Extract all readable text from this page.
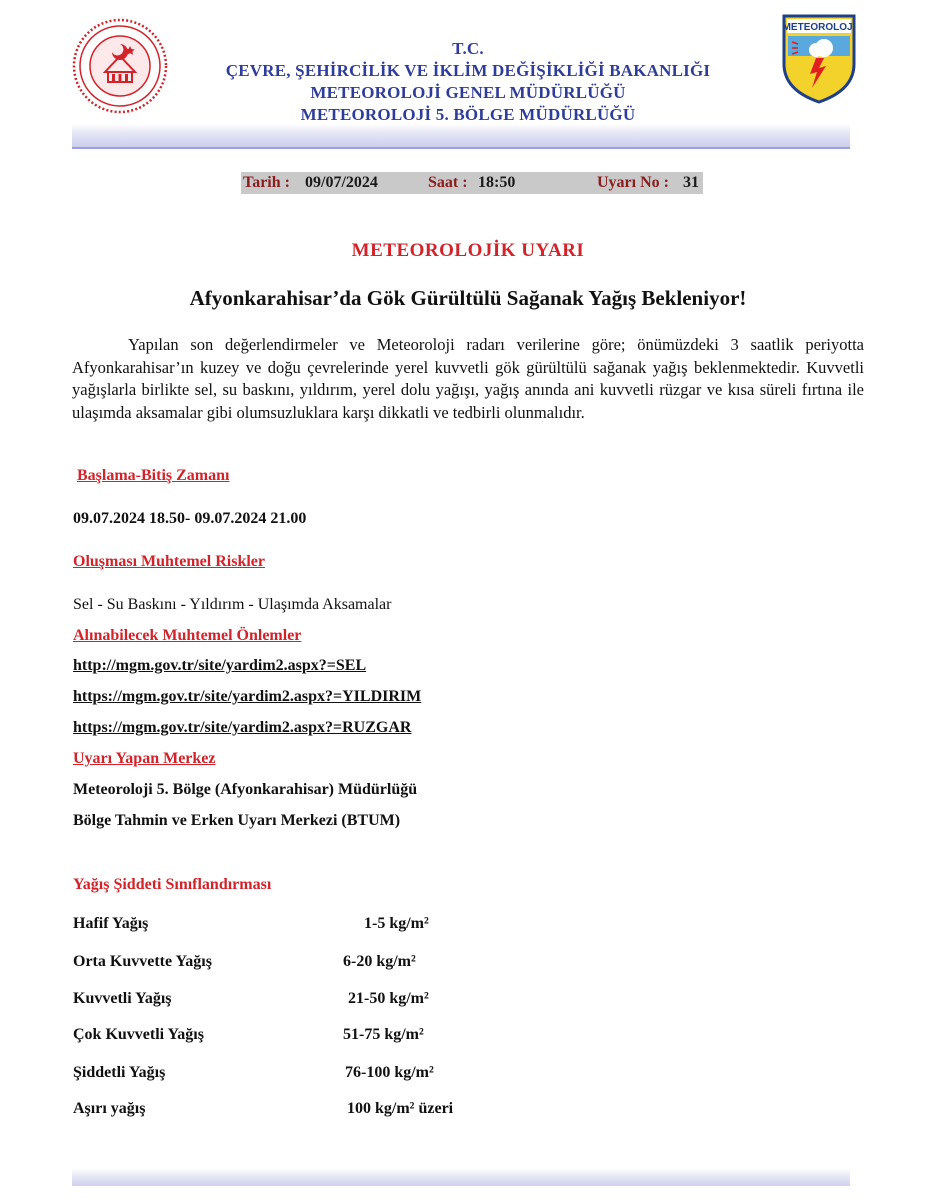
T.C.
ÇEVRE, ŞEHİRCİLİK VE İKLİM DEĞİŞİKLİĞİ BAKANLIĞI
METEOROLOJİ GENEL MÜDÜRLÜĞÜ
METEOROLOJİ 5. BÖLGE MÜDÜRLÜĞÜ
METEOROLOJİ
Tarih : 09/07/2024	Saat : 18:50	Uyarı No : 31
METEOROLOJİK UYARI
Afyonkarahisar’da Gök Gürültülü Sağanak Yağış Bekleniyor!
Yapılan son değerlendirmeler ve Meteoroloji radarı verilerine göre; önümüzdeki 3 saatlik periyotta Afyonkarahisar’ın kuzey ve doğu çevrelerinde yerel kuvvetli gök gürültülü sağanak yağış beklenmektedir. Kuvvetli yağışlarla birlikte sel, su baskını, yıldırım, yerel dolu yağışı, yağış anında ani kuvvetli rüzgar ve kısa süreli fırtına ile ulaşımda aksamalar gibi olumsuzluklara karşı dikkatli ve tedbirli olunmalıdır.
Başlama-Bitiş Zamanı
09.07.2024 18.50- 09.07.2024 21.00
Oluşması Muhtemel Riskler
Sel - Su Baskını - Yıldırım - Ulaşımda Aksamalar
Alınabilecek Muhtemel Önlemler
http://mgm.gov.tr/site/yardim2.aspx?=SEL
https://mgm.gov.tr/site/yardim2.aspx?=YILDIRIM
https://mgm.gov.tr/site/yardim2.aspx?=RUZGAR
Uyarı Yapan Merkez
Meteoroloji 5. Bölge (Afyonkarahisar) Müdürlüğü
Bölge Tahmin ve Erken Uyarı Merkezi (BTUM)
Yağış Şiddeti Sınıflandırması
Hafif Yağış	1-5 kg/m²
Orta Kuvvette Yağış	6-20 kg/m²
Kuvvetli Yağış	21-50 kg/m²
Çok Kuvvetli Yağış	51-75 kg/m²
Şiddetli Yağış	76-100 kg/m²
Aşırı yağış	100 kg/m² üzeri
